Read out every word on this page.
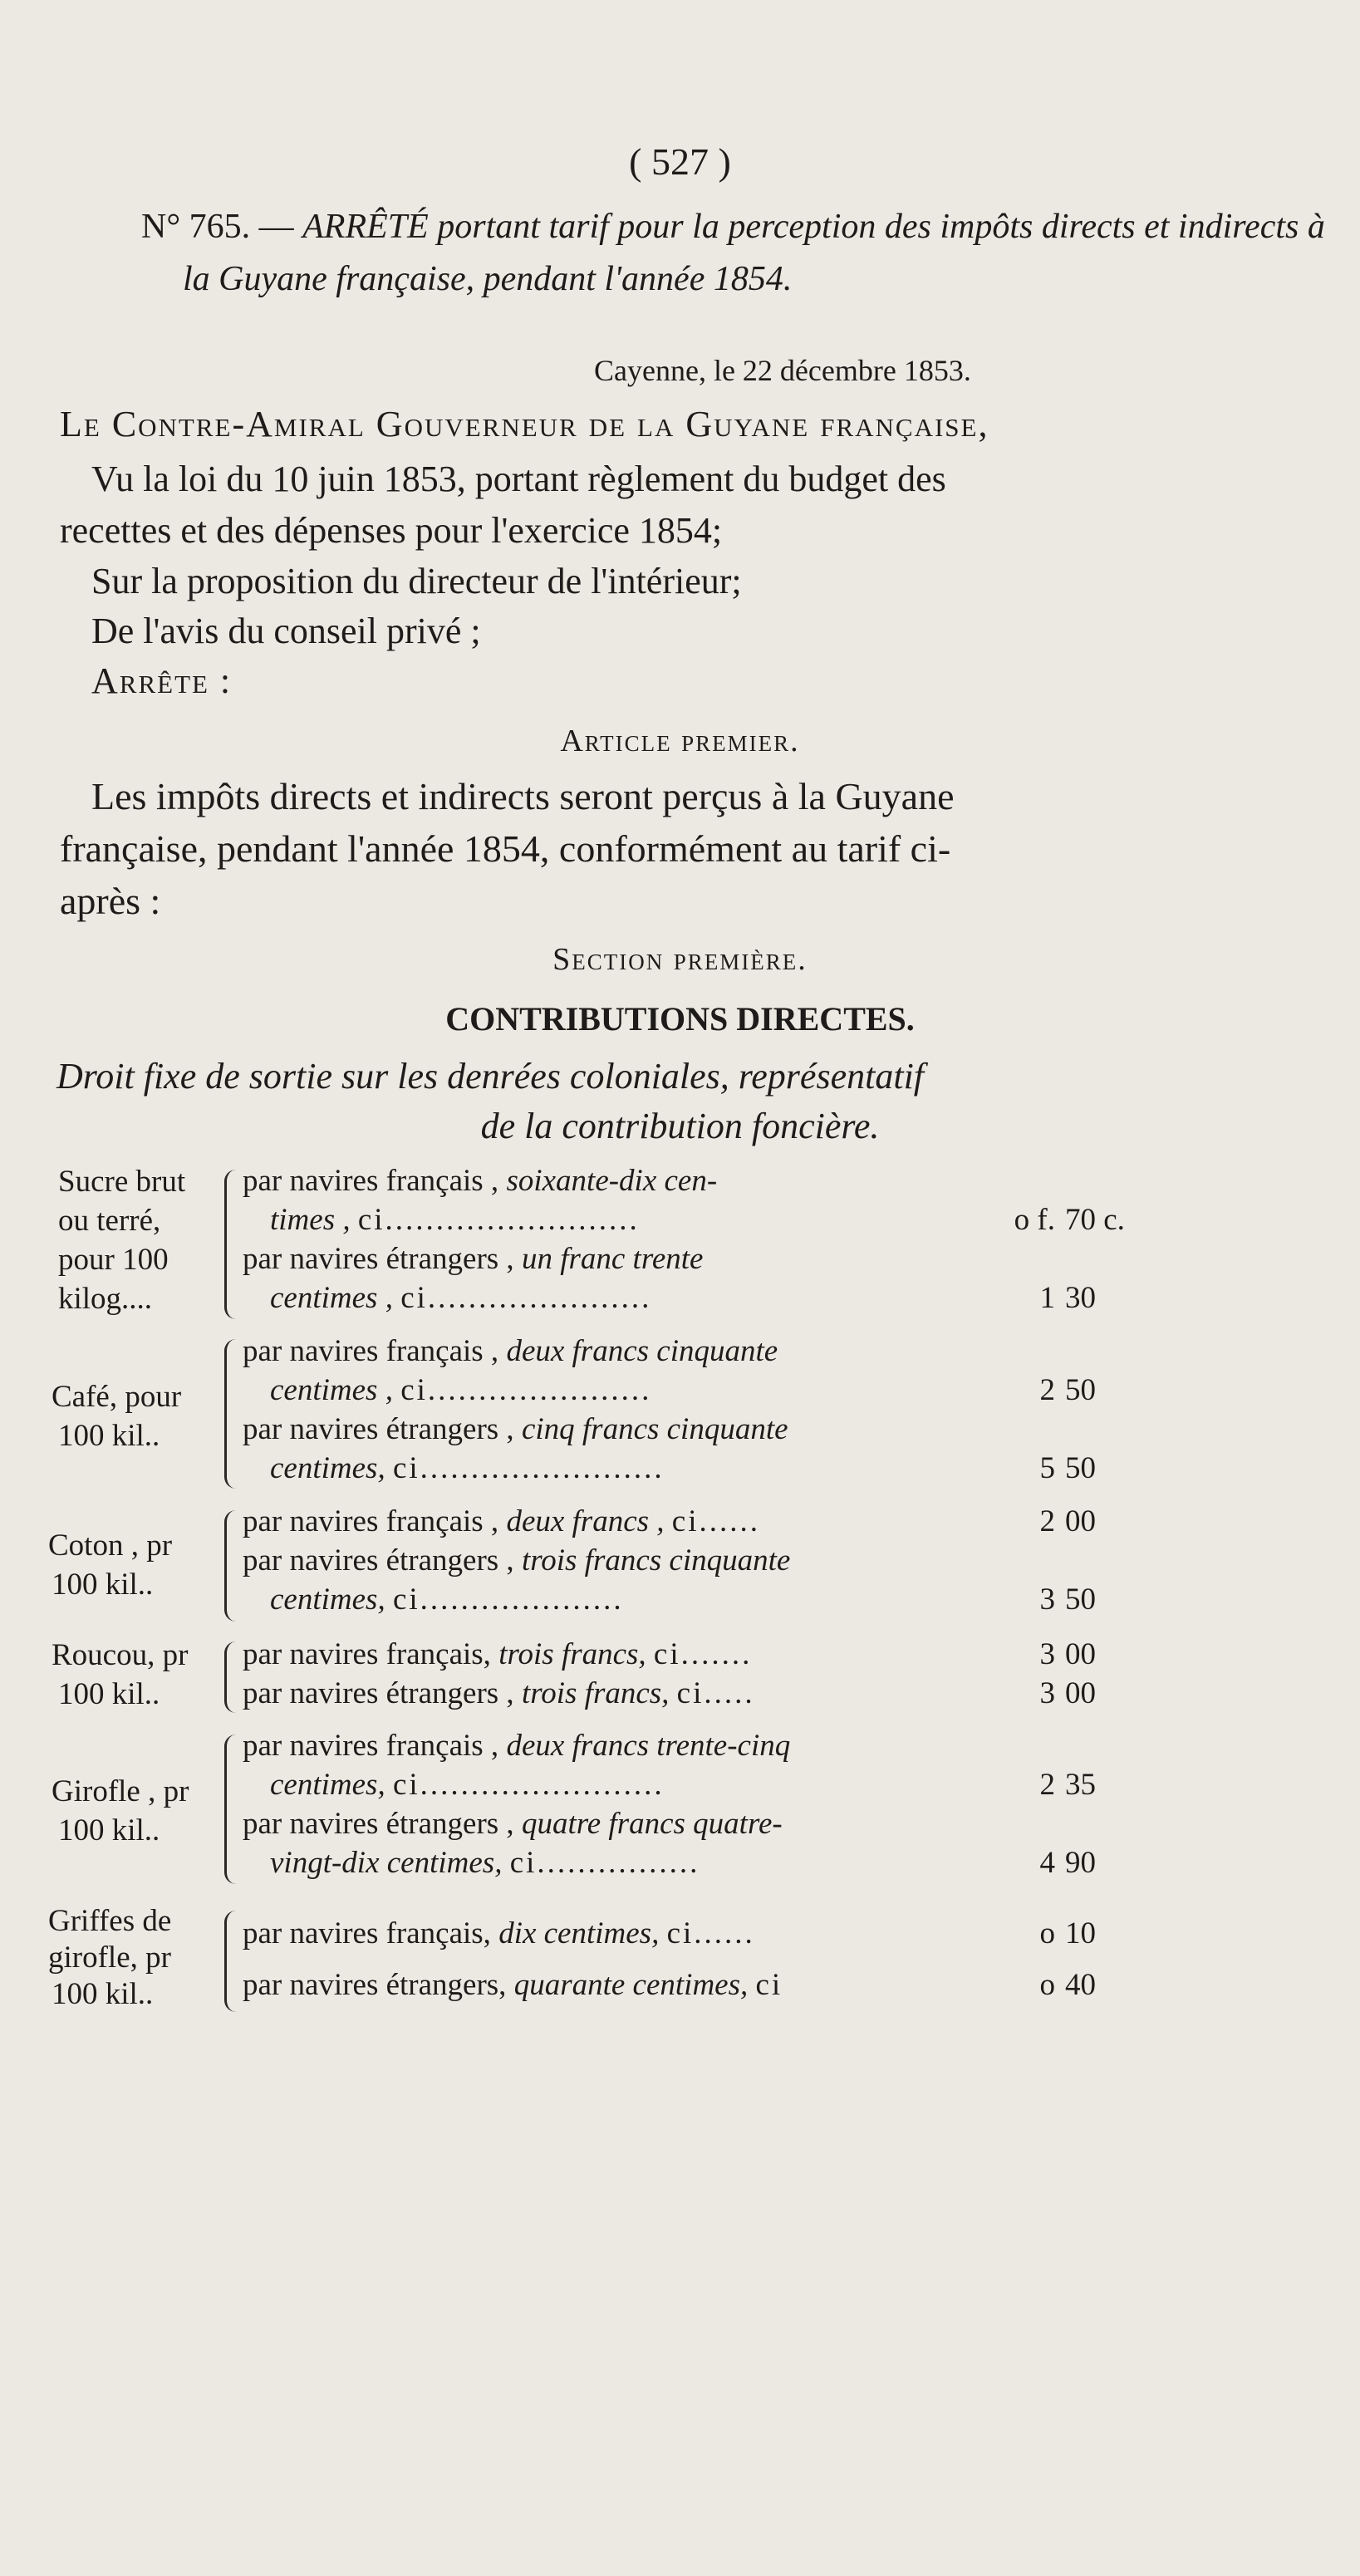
( 527 )
N° 765. — ARRÊTÉ portant tarif pour la perception des impôts directs et indirects à la Guyane française, pendant l'année 1854.
Cayenne, le 22 décembre 1853.
Le Contre-Amiral Gouverneur de la Guyane française,
Vu la loi du 10 juin 1853, portant règlement du budget des
recettes et des dépenses pour l'exercice 1854;
Sur la proposition du directeur de l'intérieur;
De l'avis du conseil privé ;
Arrête :
Article premier.
Les impôts directs et indirects seront perçus à la Guyane
française, pendant l'année 1854, conformément au tarif ci-
après :
Section première.
CONTRIBUTIONS DIRECTES.
Droit fixe de sortie sur les denrées coloniales, représentatif
de la contribution foncière.
Sucre brut
ou terré,
pour 100
kilog....
par navires français , soixante-dix cen-
times , ci.........................
par navires étrangers , un franc trente
centimes , ci......................
o f. 70 c.
1 30
Café, pour
100 kil..
par navires français , deux francs cinquante
centimes , ci......................
par navires étrangers , cinq francs cinquante
centimes, ci........................
2 50
5 50
Coton , pr
100 kil..
par navires français , deux francs , ci......
par navires étrangers , trois francs cinquante
centimes, ci....................
2 00
3 50
Roucou, pr
100 kil..
par navires français, trois francs, ci.......
par navires étrangers , trois francs, ci.....
3 00
3 00
Girofle , pr
100 kil..
par navires français , deux francs trente-cinq
centimes, ci........................
par navires étrangers , quatre francs quatre-
vingt-dix centimes, ci................
2 35
4 90
Griffes de
girofle, pr
100 kil..
par navires français, dix centimes, ci......
par navires étrangers, quarante centimes, ci
o 10
o 40
